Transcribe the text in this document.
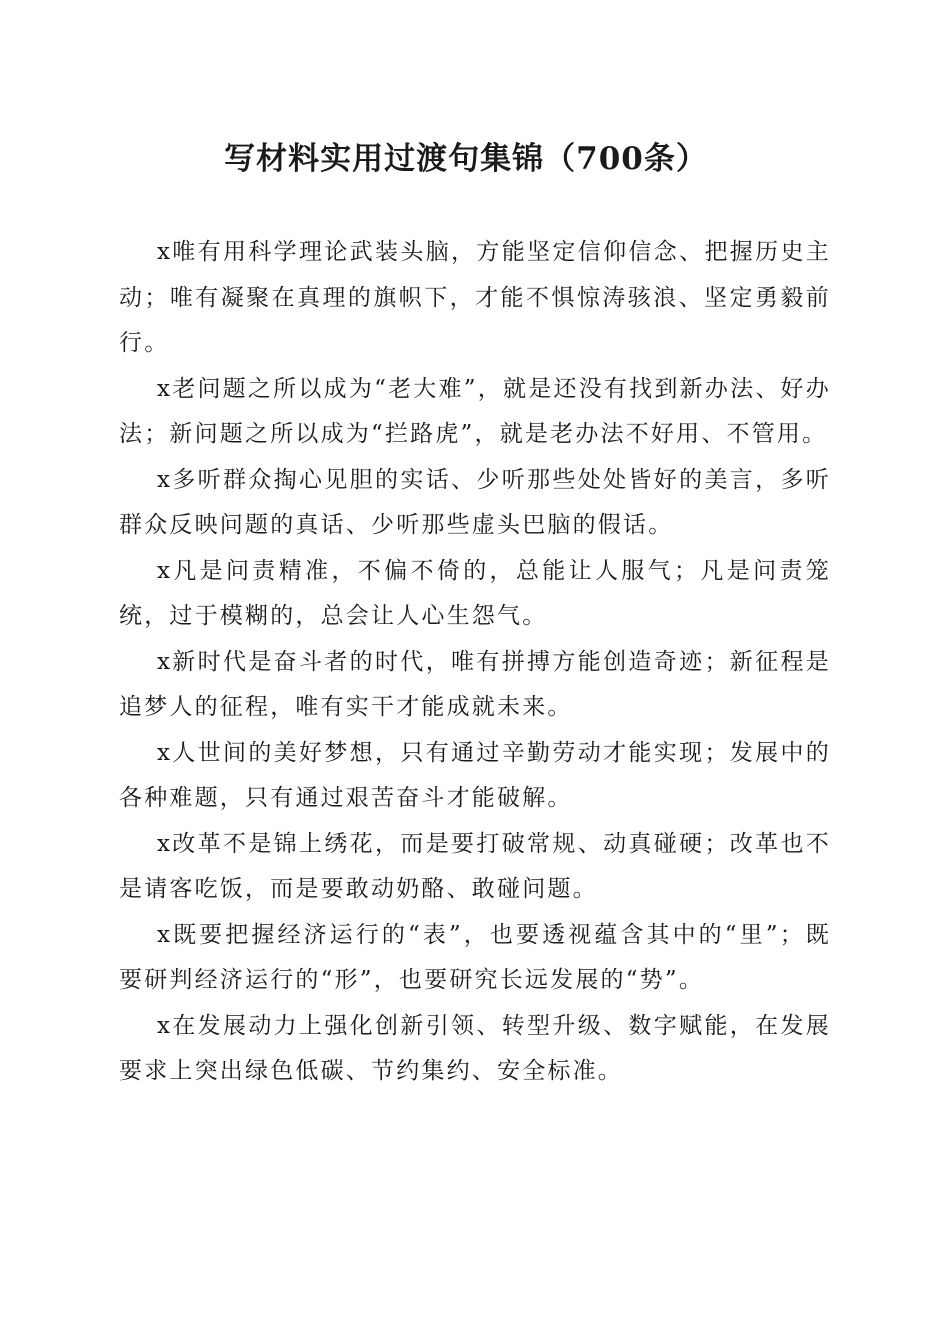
写材料实用过渡句集锦（700条）

x唯有用科学理论武装头脑，方能坚定信仰信念、把握历史主动；唯有凝聚在真理的旗帜下，才能不惧惊涛骇浪、坚定勇毅前行。

x老问题之所以成为“老大难”，就是还没有找到新办法、好办法；新问题之所以成为“拦路虎”，就是老办法不好用、不管用。

x多听群众掏心见胆的实话、少听那些处处皆好的美言，多听群众反映问题的真话、少听那些虚头巴脑的假话。

x凡是问责精准，不偏不倚的，总能让人服气；凡是问责笼统，过于模糊的，总会让人心生怨气。

x新时代是奋斗者的时代，唯有拼搏方能创造奇迹；新征程是追梦人的征程，唯有实干才能成就未来。

x人世间的美好梦想，只有通过辛勤劳动才能实现；发展中的各种难题，只有通过艰苦奋斗才能破解。

x改革不是锦上绣花，而是要打破常规、动真碰硬；改革也不是请客吃饭，而是要敢动奶酪、敢碰问题。

x既要把握经济运行的“表”，也要透视蕴含其中的“里”；既要研判经济运行的“形”，也要研究长远发展的“势”。

x在发展动力上强化创新引领、转型升级、数字赋能，在发展要求上突出绿色低碳、节约集约、安全标准。
